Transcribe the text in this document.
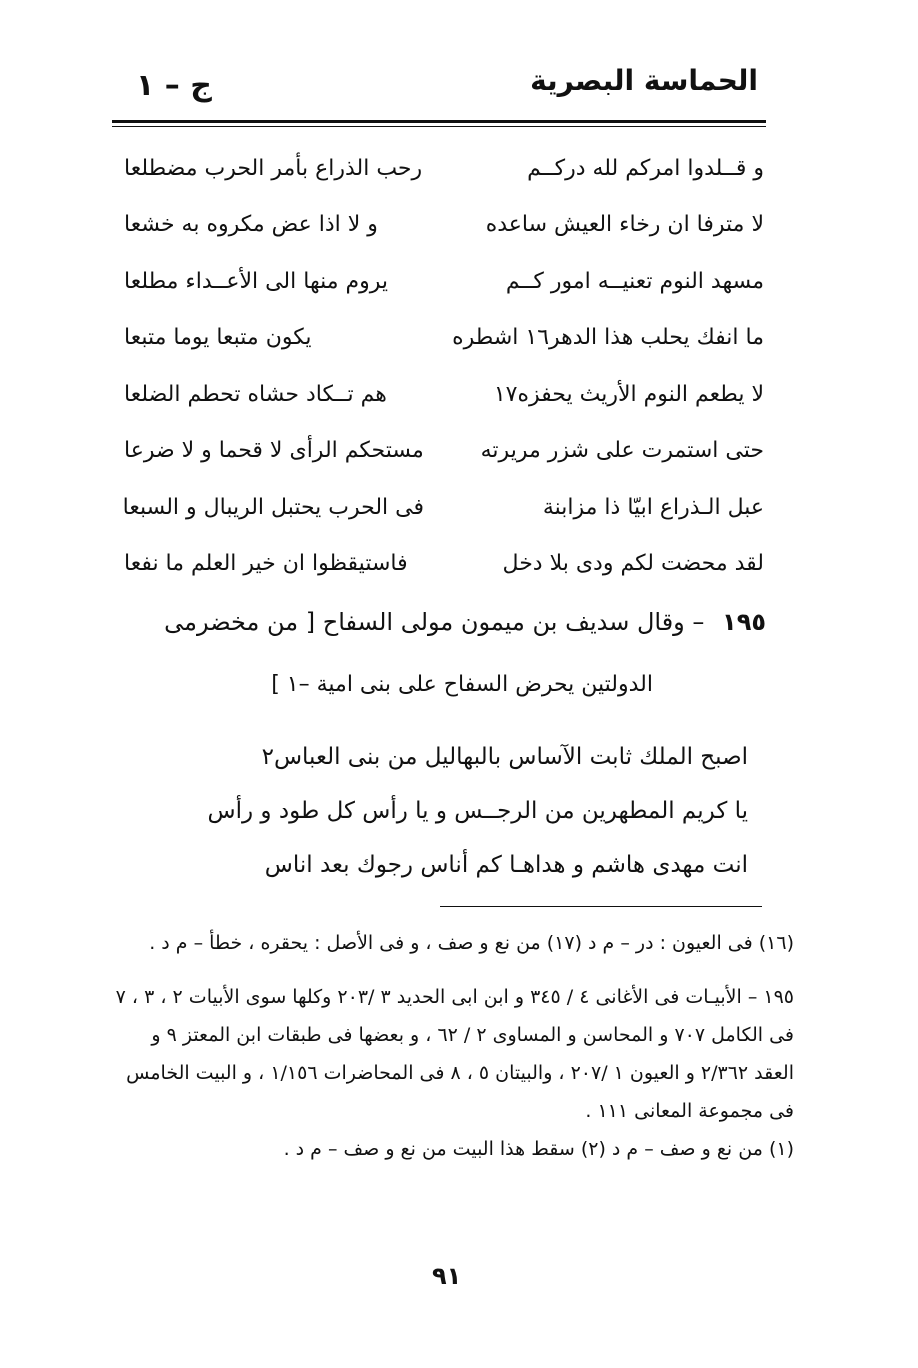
الحماسة البصرية
ج – ١
و قــلدوا امركم لله دركــم
رحب الذراع بأمر الحرب مضطلعا
لا مترفا ان رخاء العيش ساعده
و لا اذا عض مكروه به خشعا
مسهد النوم تعنيــه امور كــم
يروم منها الى الأعــداء مطلعا
ما انفك يحلب هذا الدهر١٦ اشطره
يكون متبعا يوما متبعا
لا يطعم النوم الأريث يحفزه١٧
هم تــكاد حشاه تحطم الضلعا
حتى استمرت على شزر مريرته
مستحكم الرأى لا قحما و لا ضرعا
عبل الـذراع ابيّا ذا مزابنة
فى الحرب يحتبل الريبال و السبعا
لقد محضت لكم ودى بلا دخل
فاستيقظوا ان خير العلم ما نفعا
١٩٥ – وقال سديف بن ميمون مولى السفاح [ من مخضرمى
الدولتين يحرض السفاح على بنى امية –١ ]
اصبح الملك ثابت الآساس بالبهاليل من بنى العباس٢
يا كريم المطهرين من الرجــس و يا رأس كل طود و رأس
انت مهدى هاشم و هداهـا كم أناس رجوك بعد اناس
(١٦) فى العيون : در – م د (١٧) من نع و صف ، و فى الأصل : يحقره ، خطأ – م د .
١٩٥ – الأبيـات فى الأغانى ٤ / ٣٤٥ و ابن ابى الحديد ٣ /٢٠٣ وكلها سوى الأبيات ٢ ، ٣ ، ٧ فى الكامل ٧٠٧ و المحاسن و المساوى ٢ / ٦٢ ، و بعضها فى طبقات ابن المعتز ٩ و العقد ٢/٣٦٢ و العيون ١ /٢٠٧ ، والبيتان ٥ ، ٨ فى المحاضرات ١/١٥٦ ، و البيت الخامس فى مجموعة المعانى ١١١ .
(١) من نع و صف – م د (٢) سقط هذا البيت من نع و صف – م د .
٩١
